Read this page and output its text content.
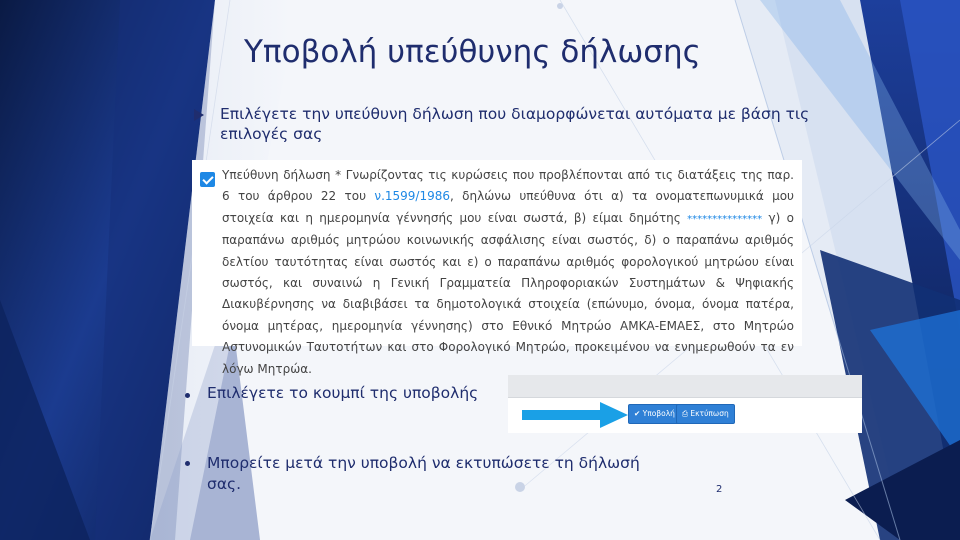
Υποβολή υπεύθυνης δήλωσης
Επιλέγετε την υπεύθυνη δήλωση που διαμορφώνεται αυτόματα με βάση τις επιλογές σας
Υπεύθυνη δήλωση * Γνωρίζοντας τις κυρώσεις που προβλέπονται από τις διατάξεις της παρ. 6 του άρθρου 22 του ν.1599/1986, δηλώνω υπεύθυνα ότι α) τα ονοματεπωνυμικά μου στοιχεία και η ημερομηνία γέννησής μου είναι σωστά, β) είμαι δημότης *************** γ) ο παραπάνω αριθμός μητρώου κοινωνικής ασφάλισης είναι σωστός, δ) ο παραπάνω αριθμός δελτίου ταυτότητας είναι σωστός και ε) ο παραπάνω αριθμός φορολογικού μητρώου είναι σωστός, και συναινώ η Γενική Γραμματεία Πληροφοριακών Συστημάτων & Ψηφιακής Διακυβέρνησης να διαβιβάσει τα δημοτολογικά στοιχεία (επώνυμο, όνομα, όνομα πατέρα, όνομα μητέρας, ημερομηνία γέννησης) στο Εθνικό Μητρώο ΑΜΚΑ-ΕΜΑΕΣ, στο Μητρώο Αστυνομικών Ταυτοτήτων και στο Φορολογικό Μητρώο, προκειμένου να ενημερωθούν τα εν λόγω Μητρώα.
Επιλέγετε το κουμπί της υποβολής
✔ Υποβολή ⎙ Εκτύπωση
Μπορείτε μετά την υποβολή να εκτυπώσετε τη δήλωσή σας.	2
